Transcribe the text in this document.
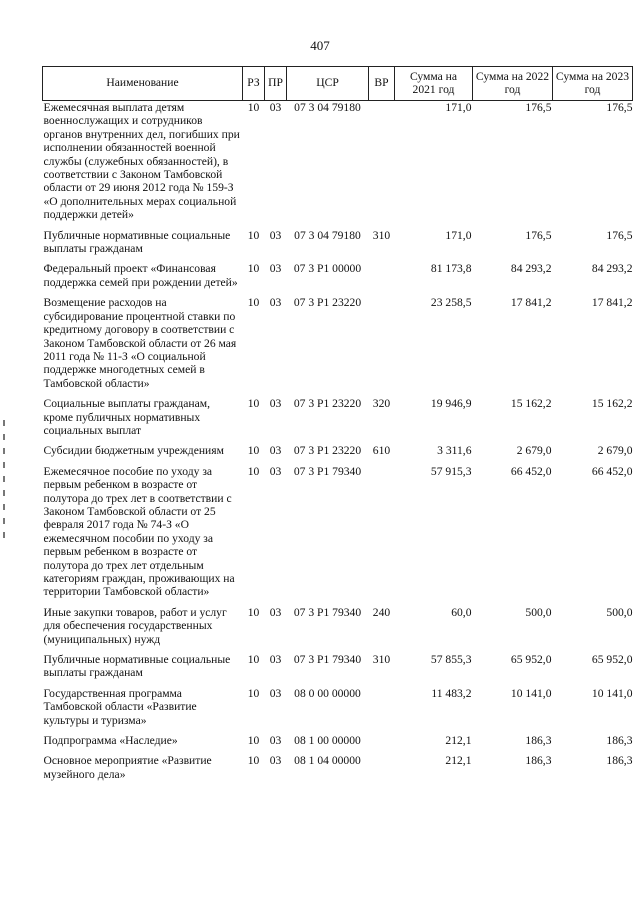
407
Наименование	РЗ	ПР	ЦСР	ВР	Сумма на 2021 год	Сумма на 2022 год	Сумма на 2023 год
Ежемесячная выплата детям военнослужащих и сотрудников органов внутренних дел, погибших при исполнении обязанностей военной службы (служебных обязанностей), в соответствии с Законом Тамбовской области от 29 июня 2012 года № 159-З «О дополнительных мерах социальной поддержки детей»	10	03	07 3 04 79180		171,0	176,5	176,5
Публичные нормативные социальные выплаты гражданам	10	03	07 3 04 79180	310	171,0	176,5	176,5
Федеральный проект «Финансовая поддержка семей при рождении детей»	10	03	07 3 Р1 00000		81 173,8	84 293,2	84 293,2
Возмещение расходов на субсидирование процентной ставки по кредитному договору в соответствии с Законом Тамбовской области от 26 мая 2011 года № 11-З «О социальной поддержке многодетных семей в Тамбовской области»	10	03	07 3 Р1 23220		23 258,5	17 841,2	17 841,2
Социальные выплаты гражданам, кроме публичных нормативных социальных выплат	10	03	07 3 Р1 23220	320	19 946,9	15 162,2	15 162,2
Субсидии бюджетным учреждениям	10	03	07 3 Р1 23220	610	3 311,6	2 679,0	2 679,0
Ежемесячное пособие по уходу за первым ребенком в возрасте от полутора до трех лет в соответствии с Законом Тамбовской области от 25 февраля 2017 года № 74-З «О ежемесячном пособии по уходу за первым ребенком в возрасте от полутора до трех лет отдельным категориям граждан, проживающих на территории Тамбовской области»	10	03	07 3 Р1 79340		57 915,3	66 452,0	66 452,0
Иные закупки товаров, работ и услуг для обеспечения государственных (муниципальных) нужд	10	03	07 3 Р1 79340	240	60,0	500,0	500,0
Публичные нормативные социальные выплаты гражданам	10	03	07 3 Р1 79340	310	57 855,3	65 952,0	65 952,0
Государственная программа Тамбовской области «Развитие культуры и туризма»	10	03	08 0 00 00000		11 483,2	10 141,0	10 141,0
Подпрограмма «Наследие»	10	03	08 1 00 00000		212,1	186,3	186,3
Основное мероприятие «Развитие музейного дела»	10	03	08 1 04 00000		212,1	186,3	186,3
